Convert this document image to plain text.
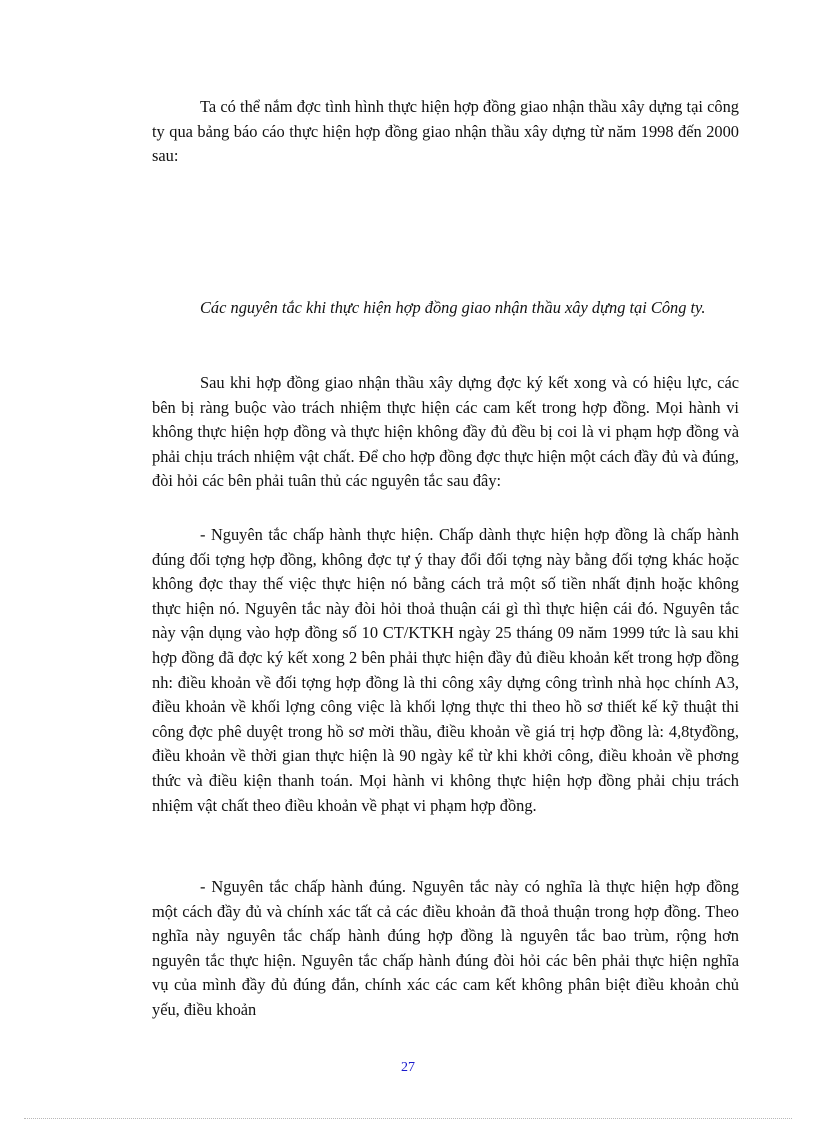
Ta có thể nắm đợc tình hình thực hiện hợp đồng giao nhận thầu xây dựng tại công ty qua bảng báo cáo thực hiện hợp đồng giao nhận thầu xây dựng từ năm 1998 đến 2000 sau:

Các nguyên tắc khi thực hiện hợp đồng giao nhận thầu xây dựng tại Công ty.

Sau khi hợp đồng giao nhận thầu xây dựng đợc ký kết xong và có hiệu lực, các bên bị ràng buộc vào trách nhiệm thực hiện các cam kết trong hợp đồng. Mọi hành vi không thực hiện hợp đồng và thực hiện không đầy đủ đều bị coi là vi phạm hợp đồng và phải chịu trách nhiệm vật chất. Để cho hợp đồng đợc thực hiện một cách đầy đủ và đúng, đòi hỏi các bên phải tuân thủ các nguyên tắc sau đây:

- Nguyên tắc chấp hành thực hiện. Chấp dành thực hiện hợp đồng là chấp hành đúng đối tợng hợp đồng, không đợc tự ý thay đổi đối tợng này bằng đối tợng khác hoặc không đợc thay thế việc thực hiện nó bằng cách trả một số tiền nhất định hoặc không thực hiện nó. Nguyên tắc này đòi hỏi thoả thuận cái gì thì thực hiện cái đó. Nguyên tắc này vận dụng vào hợp đồng số 10 CT/KTKH ngày 25 tháng 09 năm 1999 tức là sau khi hợp đồng đã đợc ký kết xong 2 bên phải thực hiện đầy đủ điều khoản kết trong hợp đồng nh: điều khoản về đối tợng hợp đồng là thi công xây dựng công trình nhà học chính A3, điều khoản về khối lợng công việc là khối lợng thực thi theo hồ sơ thiết kế kỹ thuật thi công đợc phê duyệt trong hồ sơ mời thầu, điều khoản về giá trị hợp đồng là: 4,8tyđồng, điều khoản về thời gian thực hiện là 90 ngày kể từ khi khởi công, điều khoản về phơng thức và điều kiện thanh toán. Mọi hành vi không thực hiện hợp đồng phải chịu trách nhiệm vật chất theo điều khoản về phạt vi phạm hợp đồng.

- Nguyên tắc chấp hành đúng. Nguyên tắc này có nghĩa là thực hiện hợp đồng một cách đầy đủ và chính xác tất cả các điều khoản đã thoả thuận trong hợp đồng. Theo nghĩa này nguyên tắc chấp hành đúng hợp đồng là nguyên tắc bao trùm, rộng hơn nguyên tắc thực hiện. Nguyên tắc chấp hành đúng đòi hỏi các bên phải thực hiện nghĩa vụ của mình đầy đủ đúng đắn, chính xác các cam kết không phân biệt điều khoản chủ yếu, điều khoản

27
